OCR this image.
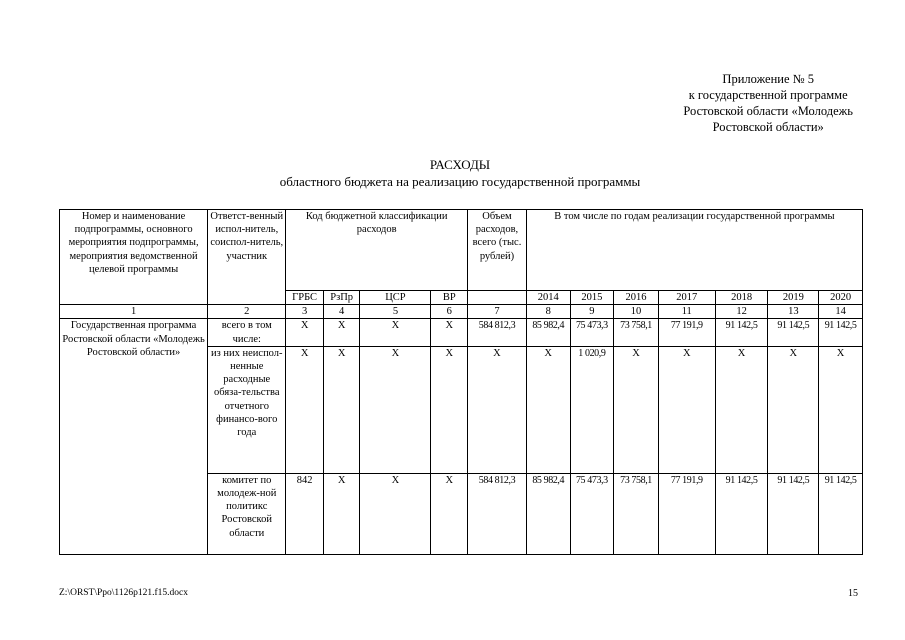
Приложение № 5
к государственной программе
Ростовской области «Молодежь
Ростовской области»
РАСХОДЫ
областного бюджета на реализацию государственной программы
Номер и наименование подпрограммы, основного мероприятия подпрограммы, мероприятия ведомственной целевой программы	Ответст-венный испол-нитель, соиспол-нитель, участник	Код бюджетной классификации расходов				Объем расходов, всего (тыс. рублей)	В том числе по годам реализации государственной программы						
		ГРБС	РзПр	ЦСР	ВР		2014	2015	2016	2017	2018	2019	2020
1	2	3	4	5	6	7	8	9	10	11	12	13	14
Государственная программа Ростовской области «Молодежь Ростовской области»	всего в том числе:	Х	Х	Х	Х	584 812,3	85 982,4	75 473,3	73 758,1	77 191,9	91 142,5	91 142,5	91 142,5
	из них неиспол-ненные расходные обяза-тельства отчетного финансо-вого года	Х	Х	Х	Х	Х	Х	1 020,9	Х	Х	Х	Х	Х
	комитет по молодеж-ной политикс Ростовской области	842	Х	Х	Х	584 812,3	85 982,4	75 473,3	73 758,1	77 191,9	91 142,5	91 142,5	91 142,5
Z:\ORST\Ppo\1126p121.f15.docx	15
